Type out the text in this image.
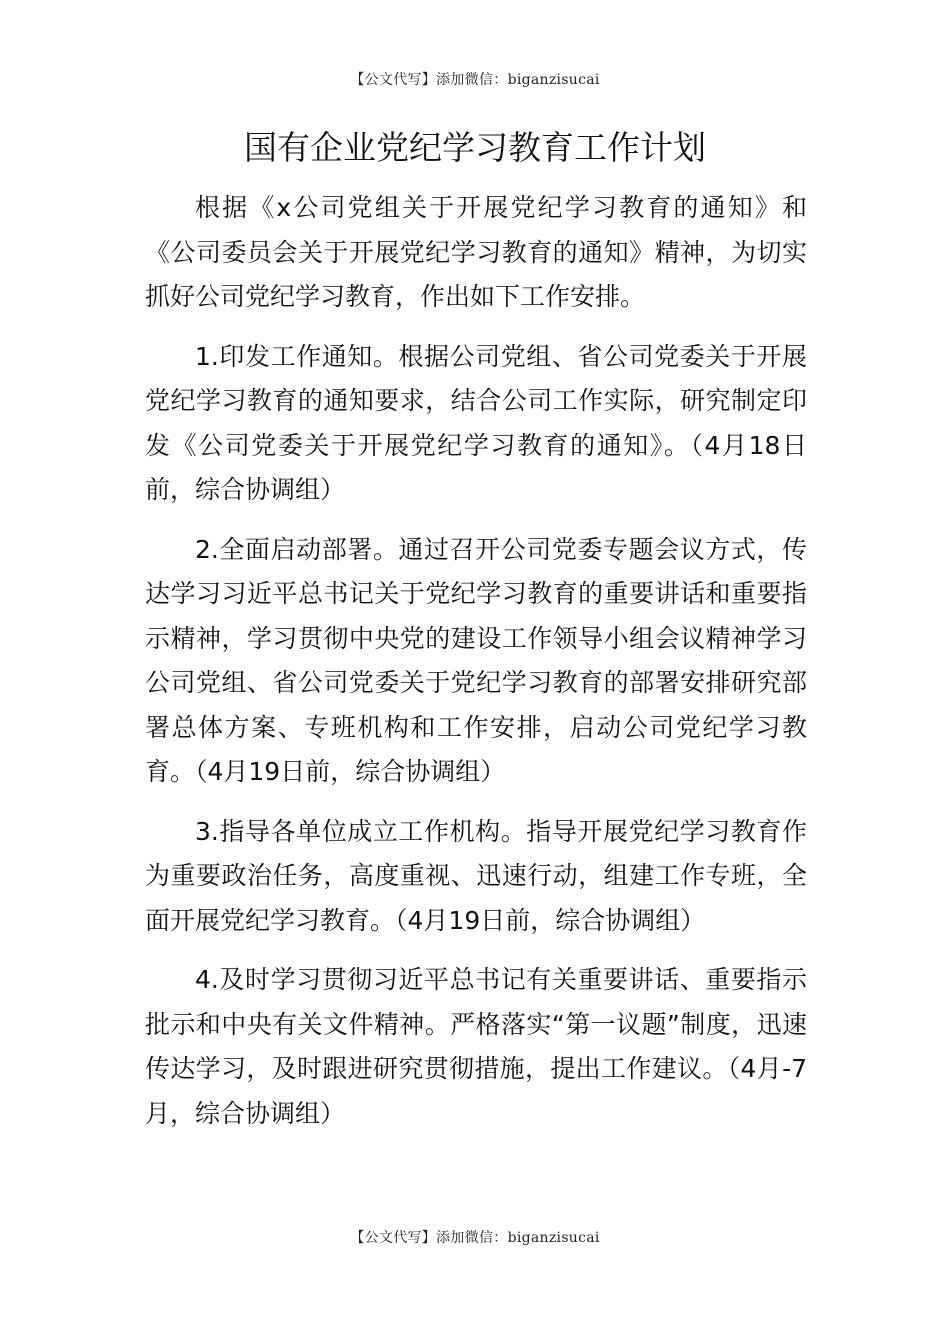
【公文代写】添加微信：biganzisucai
国有企业党纪学习教育工作计划

根据《x公司党组关于开展党纪学习教育的通知》和《公司委员会关于开展党纪学习教育的通知》精神，为切实抓好公司党纪学习教育，作出如下工作安排。

1.印发工作通知。根据公司党组、省公司党委关于开展党纪学习教育的通知要求，结合公司工作实际，研究制定印发《公司党委关于开展党纪学习教育的通知》。（4月18日前，综合协调组）

2.全面启动部署。通过召开公司党委专题会议方式，传达学习习近平总书记关于党纪学习教育的重要讲话和重要指示精神，学习贯彻中央党的建设工作领导小组会议精神学习公司党组、省公司党委关于党纪学习教育的部署安排研究部署总体方案、专班机构和工作安排，启动公司党纪学习教育。（4月19日前，综合协调组）

3.指导各单位成立工作机构。指导开展党纪学习教育作为重要政治任务，高度重视、迅速行动，组建工作专班，全面开展党纪学习教育。（4月19日前，综合协调组）

4.及时学习贯彻习近平总书记有关重要讲话、重要指示批示和中央有关文件精神。严格落实“第一议题”制度，迅速传达学习，及时跟进研究贯彻措施，提出工作建议。（4月-7月，综合协调组）

【公文代写】添加微信：biganzisucai
